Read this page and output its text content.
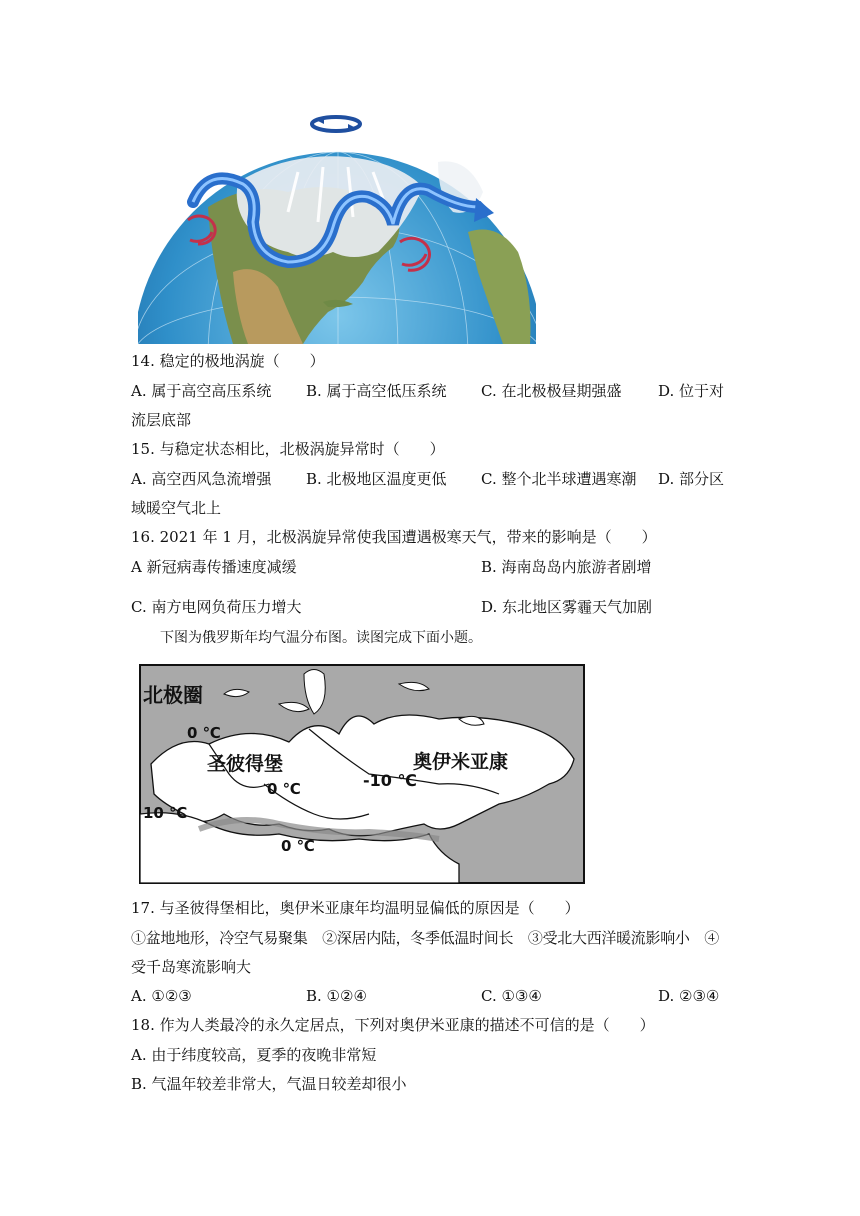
14. 稳定的极地涡旋（　　）
A. 属于高空高压系统 B. 属于高空低压系统 C. 在北极极昼期强盛 D. 位于对
流层底部
15. 与稳定状态相比，北极涡旋异常时（　　）
A. 高空西风急流增强 B. 北极地区温度更低 C. 整个北半球遭遇寒潮 D. 部分区
域暖空气北上
16. 2021 年 1 月，北极涡旋异常使我国遭遇极寒天气，带来的影响是（　　）
A 新冠病毒传播速度减缓	B. 海南岛岛内旅游者剧增
C. 南方电网负荷压力增大	D. 东北地区雾霾天气加剧
下图为俄罗斯年均气温分布图。读图完成下面小题。
北极圈
0 ℃
圣彼得堡
0 ℃
10 ℃
0 ℃
-10 ℃
奥伊米亚康
17. 与圣彼得堡相比，奥伊米亚康年均温明显偏低的原因是（　　）
①盆地地形，冷空气易聚集　②深居内陆，冬季低温时间长　③受北大西洋暖流影响小　④
受千岛寒流影响大
A. ①②③	B. ①②④	C. ①③④	D. ②③④
18. 作为人类最冷的永久定居点，下列对奥伊米亚康的描述不可信的是（　　）
A. 由于纬度较高，夏季的夜晚非常短
B. 气温年较差非常大，气温日较差却很小
